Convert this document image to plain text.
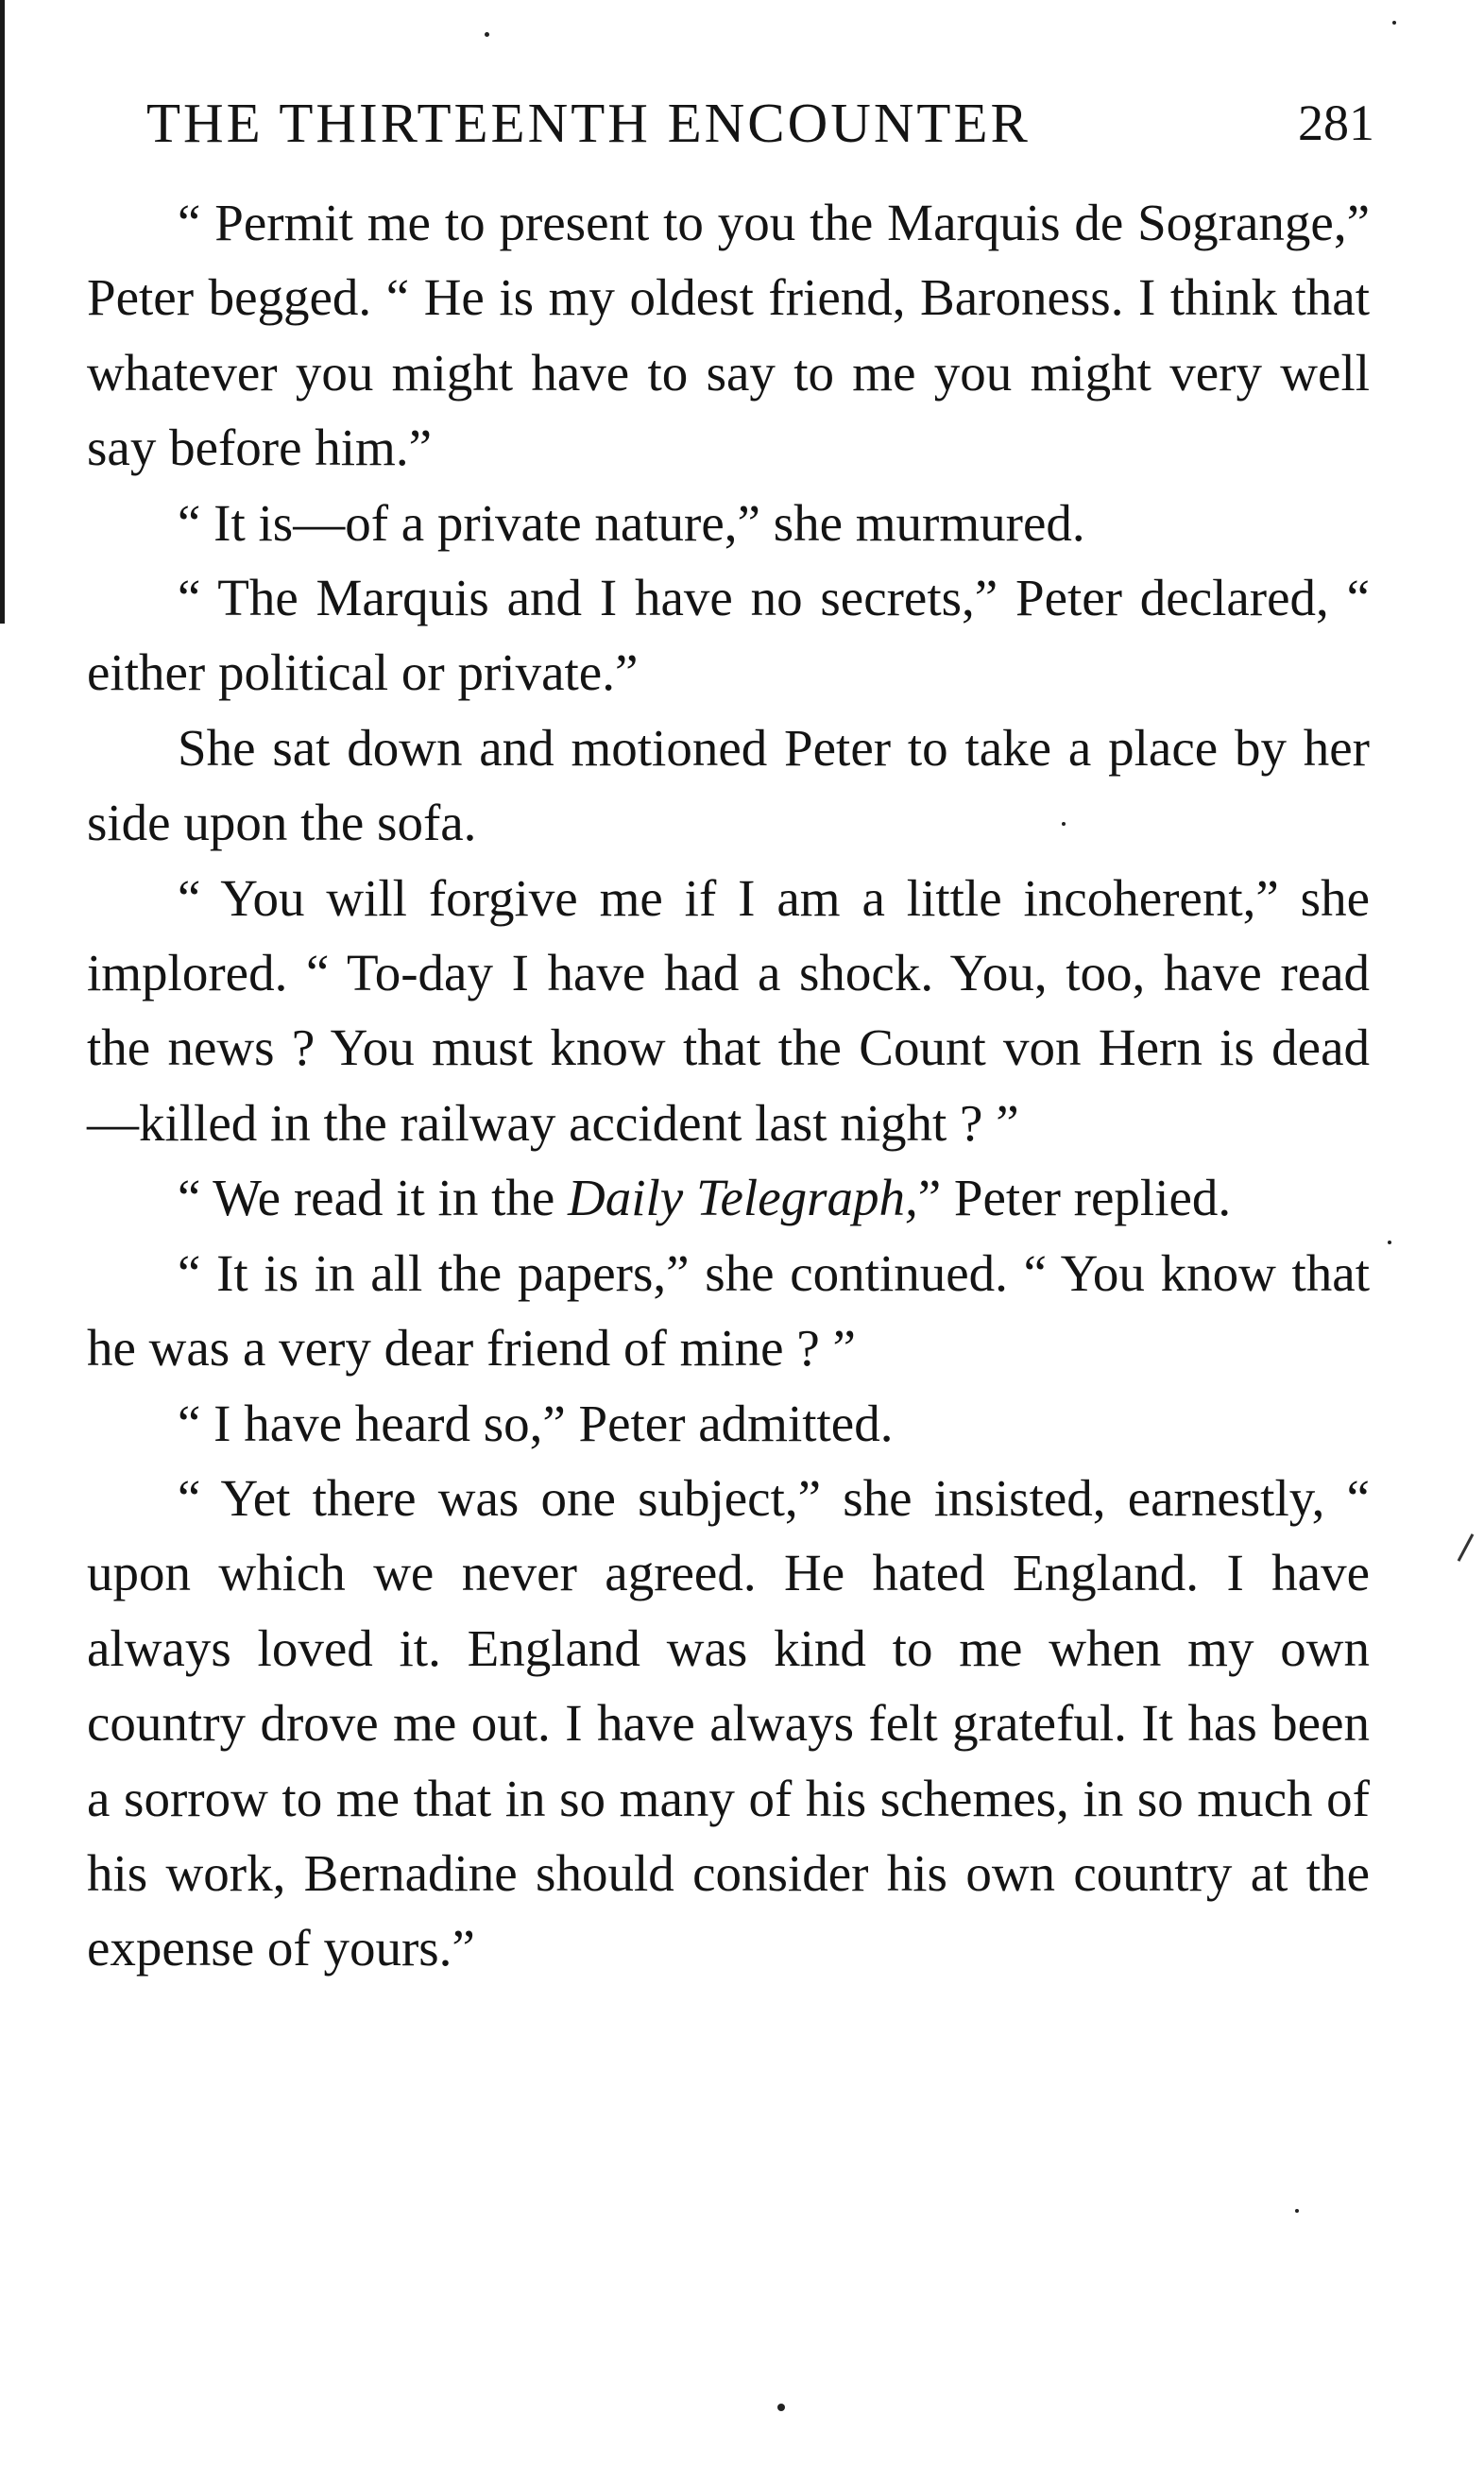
THE THIRTEENTH ENCOUNTER	281

“ Permit me to present to you the Marquis de Sogrange,” Peter begged. “ He is my oldest friend, Baroness. I think that whatever you might have to say to me you might very well say before him.”

“ It is—of a private nature,” she murmured.

“ The Marquis and I have no secrets,” Peter declared, “ either political or private.”

She sat down and motioned Peter to take a place by her side upon the sofa.

“ You will forgive me if I am a little incoherent,” she implored. “ To-day I have had a shock. You, too, have read the news ? You must know that the Count von Hern is dead—killed in the railway accident last night ? ”

“ We read it in the Daily Telegraph,” Peter replied.

“ It is in all the papers,” she continued. “ You know that he was a very dear friend of mine ? ”

“ I have heard so,” Peter admitted.

“ Yet there was one subject,” she insisted, earnestly, “ upon which we never agreed. He hated England. I have always loved it. England was kind to me when my own country drove me out. I have always felt grateful. It has been a sorrow to me that in so many of his schemes, in so much of his work, Bernadine should consider his own country at the expense of yours.”
